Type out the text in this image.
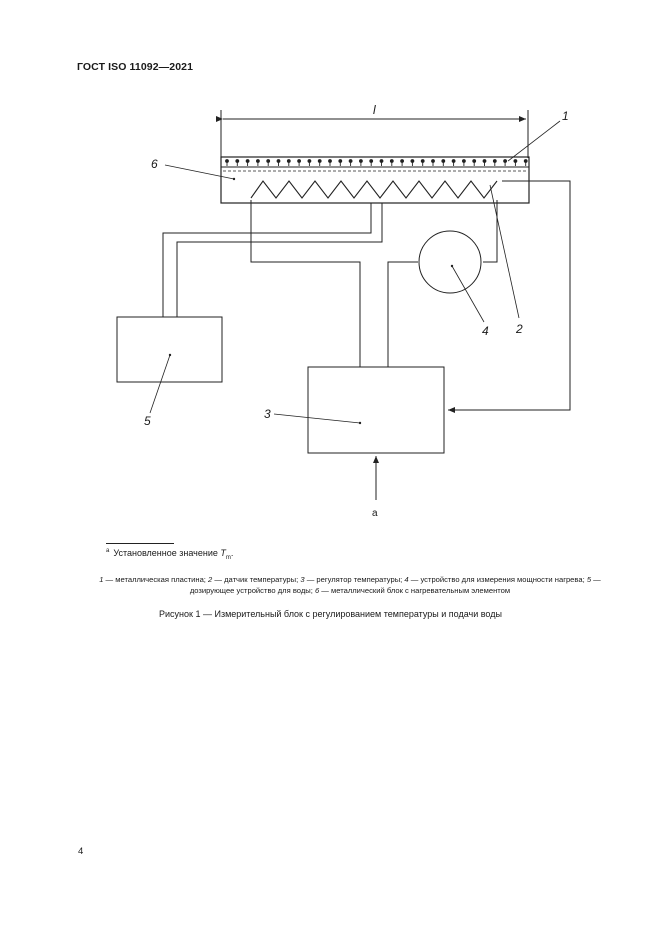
ГОСТ ISO 11092—2021
l	1
6
2
4
5	3
a
$^a$ Установленное значение $T_m$.
1 — металлическая пластина; 2 — датчик температуры; 3 — регулятор температуры; 4 — устройство для измерения мощности нагрева; 5 — дозирующее устройство для воды; 6 — металлический блок с нагревательным элементом
Рисунок 1 — Измерительный блок с регулированием температуры и подачи воды
4
